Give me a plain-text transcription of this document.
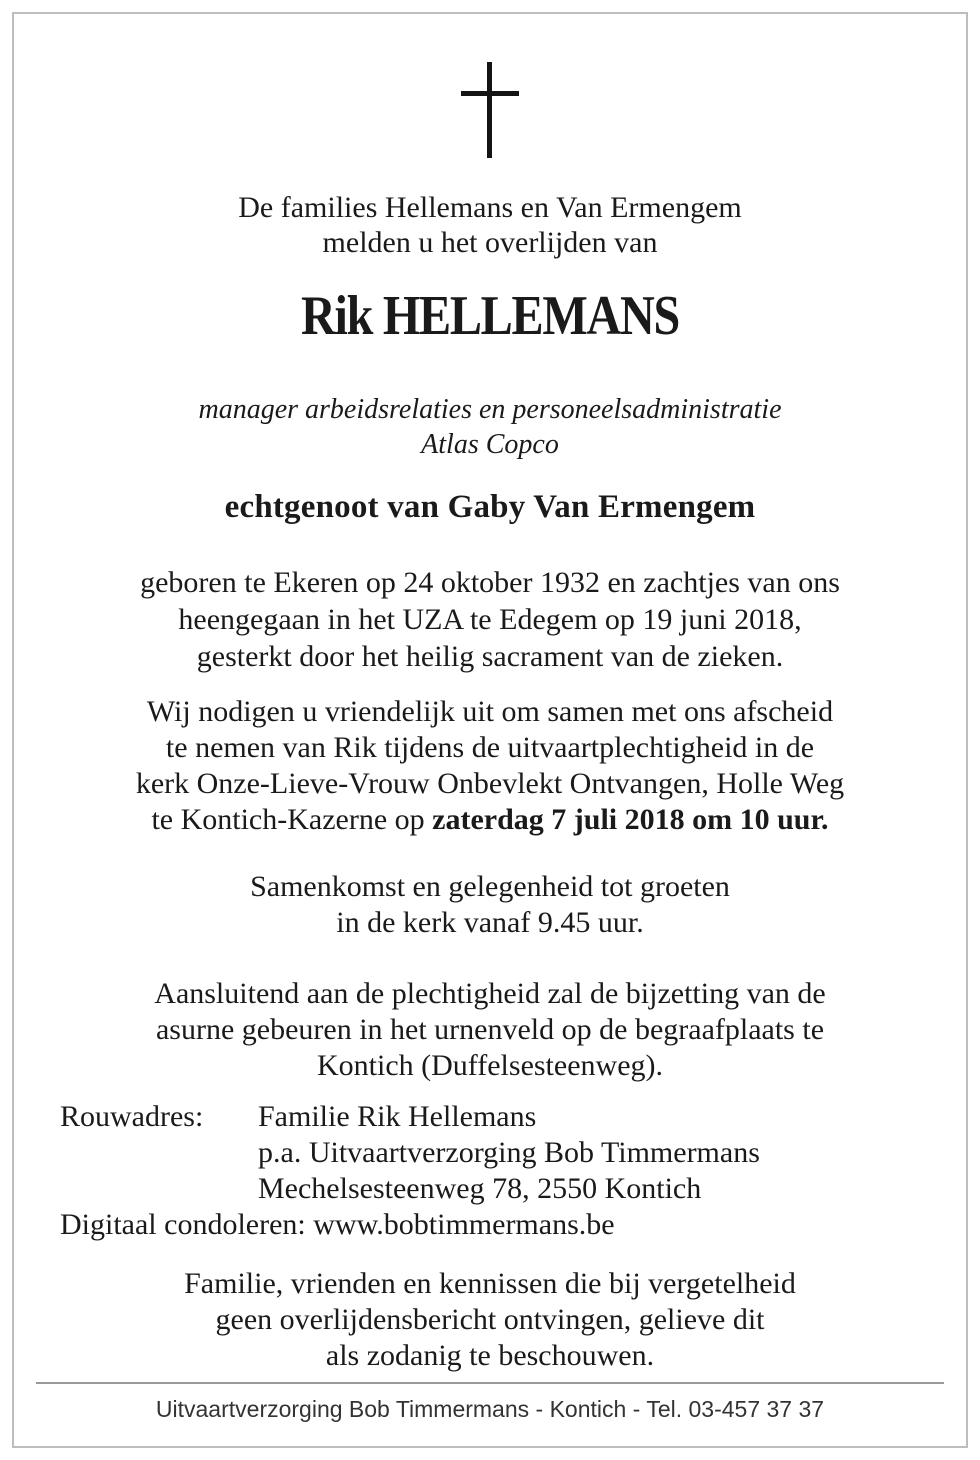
De families Hellemans en Van Ermengem
melden u het overlijden van
Rik HELLEMANS
manager arbeidsrelaties en personeelsadministratie
Atlas Copco
echtgenoot van Gaby Van Ermengem
geboren te Ekeren op 24 oktober 1932 en zachtjes van ons
heengegaan in het UZA te Edegem op 19 juni 2018,
gesterkt door het heilig sacrament van de zieken.
Wij nodigen u vriendelijk uit om samen met ons afscheid
te nemen van Rik tijdens de uitvaartplechtigheid in de
kerk Onze-Lieve-Vrouw Onbevlekt Ontvangen, Holle Weg
te Kontich-Kazerne op zaterdag 7 juli 2018 om 10 uur.
Samenkomst en gelegenheid tot groeten
in de kerk vanaf 9.45 uur.
Aansluitend aan de plechtigheid zal de bijzetting van de
asurne gebeuren in het urnenveld op de begraafplaats te
Kontich (Duffelsesteenweg).
Rouwadres: Familie Rik Hellemans
p.a. Uitvaartverzorging Bob Timmermans
Mechelsesteenweg 78, 2550 Kontich
Digitaal condoleren: www.bobtimmermans.be
Familie, vrienden en kennissen die bij vergetelheid
geen overlijdensbericht ontvingen, gelieve dit
als zodanig te beschouwen.
Uitvaartverzorging Bob Timmermans - Kontich - Tel. 03-457 37 37
